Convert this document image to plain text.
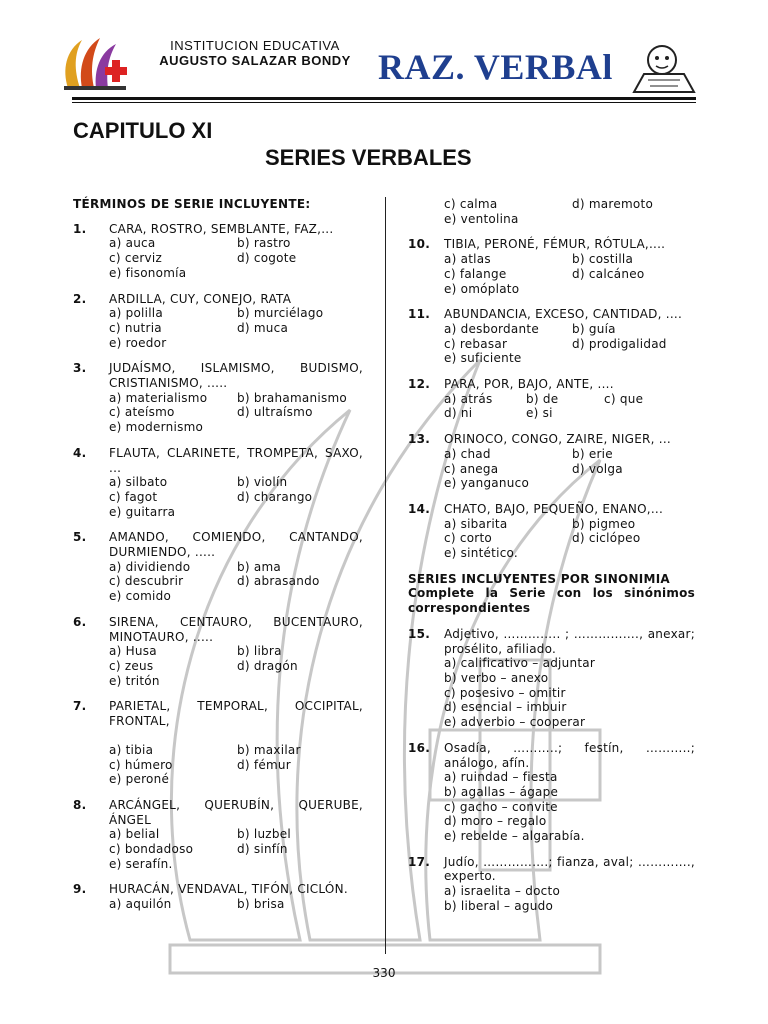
INSTITUCION EDUCATIVA
AUGUSTO SALAZAR BONDY RAZ. VERBAl
CAPITULO XI
SERIES VERBALES
TÉRMINOS DE SERIE INCLUYENTE:
1.	CARA, ROSTRO, SEMBLANTE, FAZ,...
a) auca	b) rastro
c) cerviz	d) cogote
e) fisonomía
2.	ARDILLA, CUY, CONEJO, RATA
a) polilla	b) murciélago
c) nutria	d) muca
e) roedor
3.	JUDAÍSMO, ISLAMISMO, BUDISMO, CRISTIANISMO, .....
a) materialismo	b) brahamanismo
c) ateísmo	d) ultraísmo
e) modernismo
4.	FLAUTA, CLARINETE, TROMPETA, SAXO, ...
a) silbato	b) violín
c) fagot	d) charango
e) guitarra
5.	AMANDO, COMIENDO, CANTANDO, DURMIENDO, .....
a) dividiendo	b) ama
c) descubrir	d) abrasando
e) comido
6.	SIRENA, CENTAURO, BUCENTAURO, MINOTAURO, .....
a) Husa	b) libra
c) zeus	d) dragón
e) tritón
7.	PARIETAL, TEMPORAL, OCCIPITAL, FRONTAL,
a) tibia	b) maxilar
c) húmero	d) fémur
e) peroné
8.	ARCÁNGEL, QUERUBÍN, QUERUBE, ÁNGEL
a) belial	b) luzbel
c) bondadoso	d) sinfín
e) serafín.
9.	HURACÁN, VENDAVAL, TIFÓN, CICLÓN.
a) aquilón	b) brisa
c) calma	d) maremoto
e) ventolina
10.	TIBIA, PERONÉ, FÉMUR, RÓTULA,....
a) atlas	b) costilla
c) falange	d) calcáneo
e) omóplato
11.	ABUNDANCIA, EXCESO, CANTIDAD, ....
a) desbordante	b) guía
c) rebasar	d) prodigalidad
e) suficiente
12.	PARA, POR, BAJO, ANTE, ....
a) atrás	b) de	c) que
d) ni	e) si
13.	ORINOCO, CONGO, ZAIRE, NIGER, ...
a) chad	b) erie
c) anega	d) volga
e) yanganuco
14.	CHATO, BAJO, PEQUEÑO, ENANO,...
a) sibarita	b) pigmeo
c) corto	d) ciclópeo
e) sintético.
SERIES INCLUYENTES POR SINONIMIA
Complete la Serie con los sinónimos correspondientes
15.	Adjetivo, ………….. ; ……………., anexar; prosélito, afiliado.
a) calificativo – adjuntar
b) verbo – anexo
c) posesivo – omitir
d) esencial – imbuir
e) adverbio – cooperar
16.	Osadía, ………..; festín, ………..; análogo, afín.
a) ruindad – fiesta
b) agallas – ágape
c) gacho – convite
d) moro – regalo
e) rebelde – algarabía.
17.	Judío, …………….; fianza, aval; …………., experto.
a) israelita – docto
b) liberal – agudo
330
